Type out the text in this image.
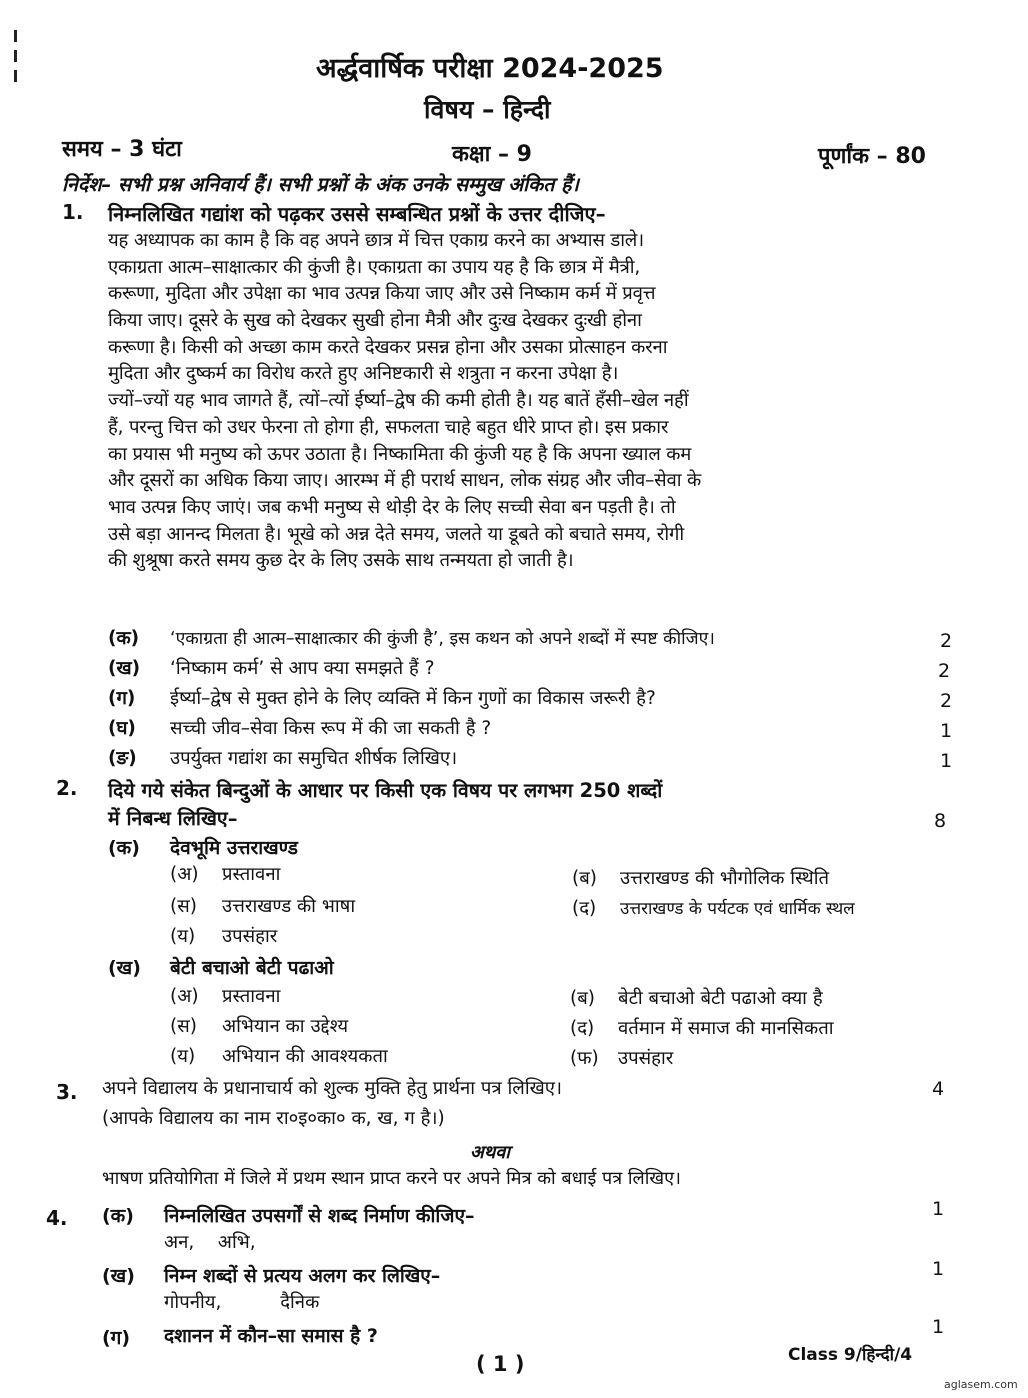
अर्द्धवार्षिक परीक्षा 2024-2025
विषय – हिन्दी
समय – 3 घंटा	कक्षा – 9	पूर्णांक – 80
निर्देश– सभी प्रश्न अनिवार्य हैं। सभी प्रश्नों के अंक उनके सम्मुख अंकित हैं।
1. निम्नलिखित गद्यांश को पढ़कर उससे सम्बन्धित प्रश्नों के उत्तर दीजिए–
यह अध्यापक का काम है कि वह अपने छात्र में चित्त एकाग्र करने का अभ्यास डाले।
एकाग्रता आत्म–साक्षात्कार की कुंजी है। एकाग्रता का उपाय यह है कि छात्र में मैत्री,
करूणा, मुदिता और उपेक्षा का भाव उत्पन्न किया जाए और उसे निष्काम कर्म में प्रवृत्त
किया जाए। दूसरे के सुख को देखकर सुखी होना मैत्री और दुःख देखकर दुःखी होना
करूणा है। किसी को अच्छा काम करते देखकर प्रसन्न होना और उसका प्रोत्साहन करना
मुदिता और दुष्कर्म का विरोध करते हुए अनिष्टकारी से शत्रुता न करना उपेक्षा है।
ज्यों–ज्यों यह भाव जागते हैं, त्यों–त्यों ईर्ष्या–द्वेष की कमी होती है। यह बातें हँसी–खेल नहीं
हैं, परन्तु चित्त को उधर फेरना तो होगा ही, सफलता चाहे बहुत धीरे प्राप्त हो। इस प्रकार
का प्रयास भी मनुष्य को ऊपर उठाता है। निष्कामिता की कुंजी यह है कि अपना ख्याल कम
और दूसरों का अधिक किया जाए। आरम्भ में ही परार्थ साधन, लोक संग्रह और जीव–सेवा के
भाव उत्पन्न किए जाएं। जब कभी मनुष्य से थोड़ी देर के लिए सच्ची सेवा बन पड़ती है। तो
उसे बड़ा आनन्द मिलता है। भूखे को अन्न देते समय, जलते या डूबते को बचाते समय, रोगी
की शुश्रूषा करते समय कुछ देर के लिए उसके साथ तन्मयता हो जाती है।
(क) ‘एकाग्रता ही आत्म–साक्षात्कार की कुंजी है’, इस कथन को अपने शब्दों में स्पष्ट कीजिए।	2
(ख) ‘निष्काम कर्म’ से आप क्या समझते हैं ?	2
(ग) ईर्ष्या–द्वेष से मुक्त होने के लिए व्यक्ति में किन गुणों का विकास जरूरी है?	2
(घ) सच्ची जीव–सेवा किस रूप में की जा सकती है ?	1
(ङ) उपर्युक्त गद्यांश का समुचित शीर्षक लिखिए।	1
2. दिये गये संकेत बिन्दुओं के आधार पर किसी एक विषय पर लगभग 250 शब्दों
में निबन्ध लिखिए–	8
(क) देवभूमि उत्तराखण्ड
(अ) प्रस्तावना	(ब) उत्तराखण्ड की भौगोलिक स्थिति
(स) उत्तराखण्ड की भाषा	(द) उत्तराखण्ड के पर्यटक एवं धार्मिक स्थल
(य) उपसंहार
(ख) बेटी बचाओ बेटी पढाओ
(अ) प्रस्तावना	(ब) बेटी बचाओ बेटी पढाओ क्या है
(स) अभियान का उद्देश्य	(द) वर्तमान में समाज की मानसिकता
(य) अभियान की आवश्यकता	(फ) उपसंहार
3. अपने विद्यालय के प्रधानाचार्य को शुल्क मुक्ति हेतु प्रार्थना पत्र लिखिए।	4
(आपके विद्यालय का नाम रा०इ०का० क, ख, ग है।)
अथवा
भाषण प्रतियोगिता में जिले में प्रथम स्थान प्राप्त करने पर अपने मित्र को बधाई पत्र लिखिए।
4. (क) निम्नलिखित उपसर्गों से शब्द निर्माण कीजिए–	1
अन,    अभि,
(ख) निम्न शब्दों से प्रत्यय अलग कर लिखिए–	1
गोपनीय,          दैनिक
(ग) दशानन में कौन–सा समास है ?	1
( 1 )	Class 9/हिन्दी/4
aglasem.com
